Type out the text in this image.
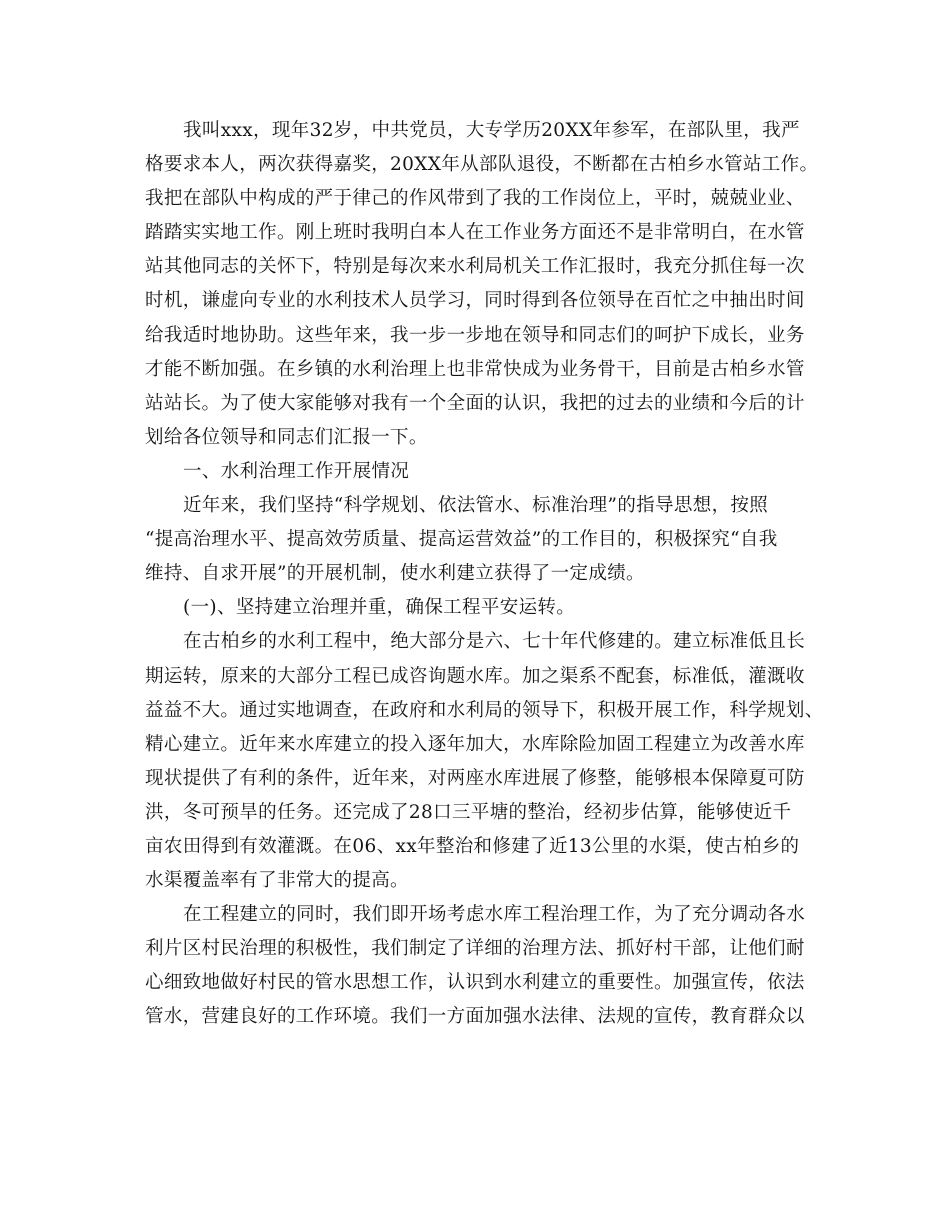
我叫xxx，现年32岁，中共党员，大专学历20XX年参军，在部队里，我严
格要求本人，两次获得嘉奖，20XX年从部队退役，不断都在古柏乡水管站工作。
我把在部队中构成的严于律己的作风带到了我的工作岗位上，平时，兢兢业业、
踏踏实实地工作。刚上班时我明白本人在工作业务方面还不是非常明白，在水管
站其他同志的关怀下，特别是每次来水利局机关工作汇报时，我充分抓住每一次
时机，谦虚向专业的水利技术人员学习，同时得到各位领导在百忙之中抽出时间
给我适时地协助。这些年来，我一步一步地在领导和同志们的呵护下成长，业务
才能不断加强。在乡镇的水利治理上也非常快成为业务骨干，目前是古柏乡水管
站站长。为了使大家能够对我有一个全面的认识，我把的过去的业绩和今后的计
划给各位领导和同志们汇报一下。
一、水利治理工作开展情况
近年来，我们坚持“科学规划、依法管水、标准治理”的指导思想，按照
“提高治理水平、提高效劳质量、提高运营效益”的工作目的，积极探究“自我
维持、自求开展”的开展机制，使水利建立获得了一定成绩。
(一)、坚持建立治理并重，确保工程平安运转。
在古柏乡的水利工程中，绝大部分是六、七十年代修建的。建立标准低且长
期运转，原来的大部分工程已成咨询题水库。加之渠系不配套，标准低，灌溉收
益益不大。通过实地调查，在政府和水利局的领导下，积极开展工作，科学规划、
精心建立。近年来水库建立的投入逐年加大，水库除险加固工程建立为改善水库
现状提供了有利的条件，近年来，对两座水库进展了修整，能够根本保障夏可防
洪，冬可预旱的任务。还完成了28口三平塘的整治，经初步估算，能够使近千
亩农田得到有效灌溉。在06、xx年整治和修建了近13公里的水渠，使古柏乡的
水渠覆盖率有了非常大的提高。
在工程建立的同时，我们即开场考虑水库工程治理工作，为了充分调动各水
利片区村民治理的积极性，我们制定了详细的治理方法、抓好村干部，让他们耐
心细致地做好村民的管水思想工作，认识到水利建立的重要性。加强宣传，依法
管水，营建良好的工作环境。我们一方面加强水法律、法规的宣传，教育群众以
